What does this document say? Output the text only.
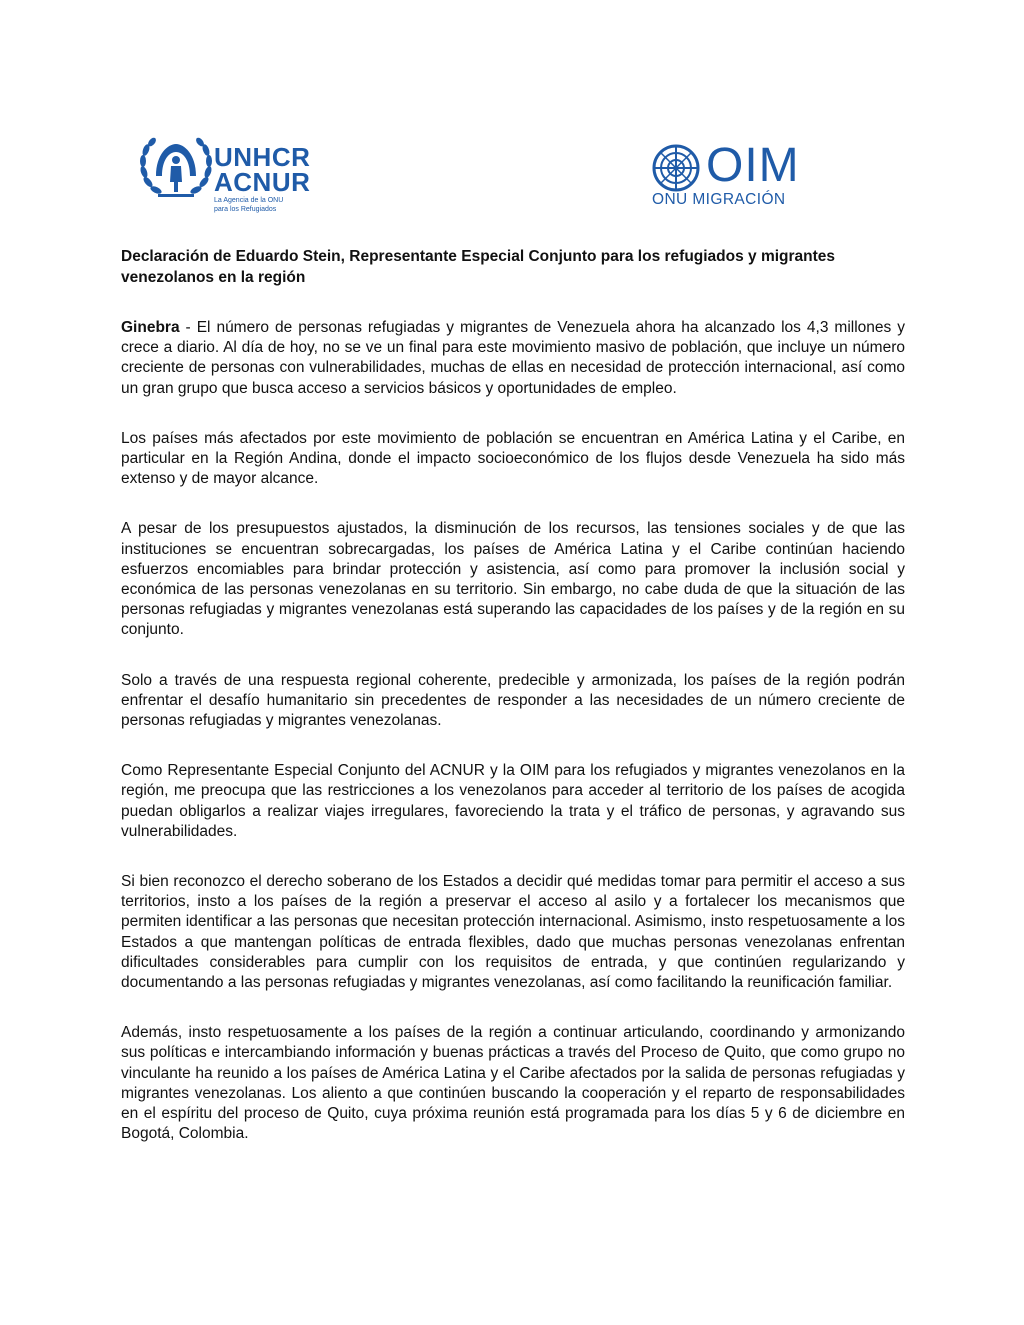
UNHCR
ACNUR
La Agencia de la ONU
para los Refugiados
OIM
ONU MIGRACIÓN

Declaración de Eduardo Stein, Representante Especial Conjunto para los refugiados y migrantes venezolanos en la región

Ginebra - El número de personas refugiadas y migrantes de Venezuela ahora ha alcanzado los 4,3 millones y crece a diario. Al día de hoy, no se ve un final para este movimiento masivo de población, que incluye un número creciente de personas con vulnerabilidades, muchas de ellas en necesidad de protección internacional, así como un gran grupo que busca acceso a servicios básicos y oportunidades de empleo.

Los países más afectados por este movimiento de población se encuentran en América Latina y el Caribe, en particular en la Región Andina, donde el impacto socioeconómico de los flujos desde Venezuela ha sido más extenso y de mayor alcance.

A pesar de los presupuestos ajustados, la disminución de los recursos, las tensiones sociales y de que las instituciones se encuentran sobrecargadas, los países de América Latina y el Caribe continúan haciendo esfuerzos encomiables para brindar protección y asistencia, así como para promover la inclusión social y económica de las personas venezolanas en su territorio. Sin embargo, no cabe duda de que la situación de las personas refugiadas y migrantes venezolanas está superando las capacidades de los países y de la región en su conjunto.

Solo a través de una respuesta regional coherente, predecible y armonizada, los países de la región podrán enfrentar el desafío humanitario sin precedentes de responder a las necesidades de un número creciente de personas refugiadas y migrantes venezolanas.

Como Representante Especial Conjunto del ACNUR y la OIM para los refugiados y migrantes venezolanos en la región, me preocupa que las restricciones a los venezolanos para acceder al territorio de los países de acogida puedan obligarlos a realizar viajes irregulares, favoreciendo la trata y el tráfico de personas, y agravando sus vulnerabilidades.

Si bien reconozco el derecho soberano de los Estados a decidir qué medidas tomar para permitir el acceso a sus territorios, insto a los países de la región a preservar el acceso al asilo y a fortalecer los mecanismos que permiten identificar a las personas que necesitan protección internacional. Asimismo, insto respetuosamente a los Estados a que mantengan políticas de entrada flexibles, dado que muchas personas venezolanas enfrentan dificultades considerables para cumplir con los requisitos de entrada, y que continúen regularizando y documentando a las personas refugiadas y migrantes venezolanas, así como facilitando la reunificación familiar.

Además, insto respetuosamente a los países de la región a continuar articulando, coordinando y armonizando sus políticas e intercambiando información y buenas prácticas a través del Proceso de Quito, que como grupo no vinculante ha reunido a los países de América Latina y el Caribe afectados por la salida de personas refugiadas y migrantes venezolanas. Los aliento a que continúen buscando la cooperación y el reparto de responsabilidades en el espíritu del proceso de Quito, cuya próxima reunión está programada para los días 5 y 6 de diciembre en Bogotá, Colombia.
